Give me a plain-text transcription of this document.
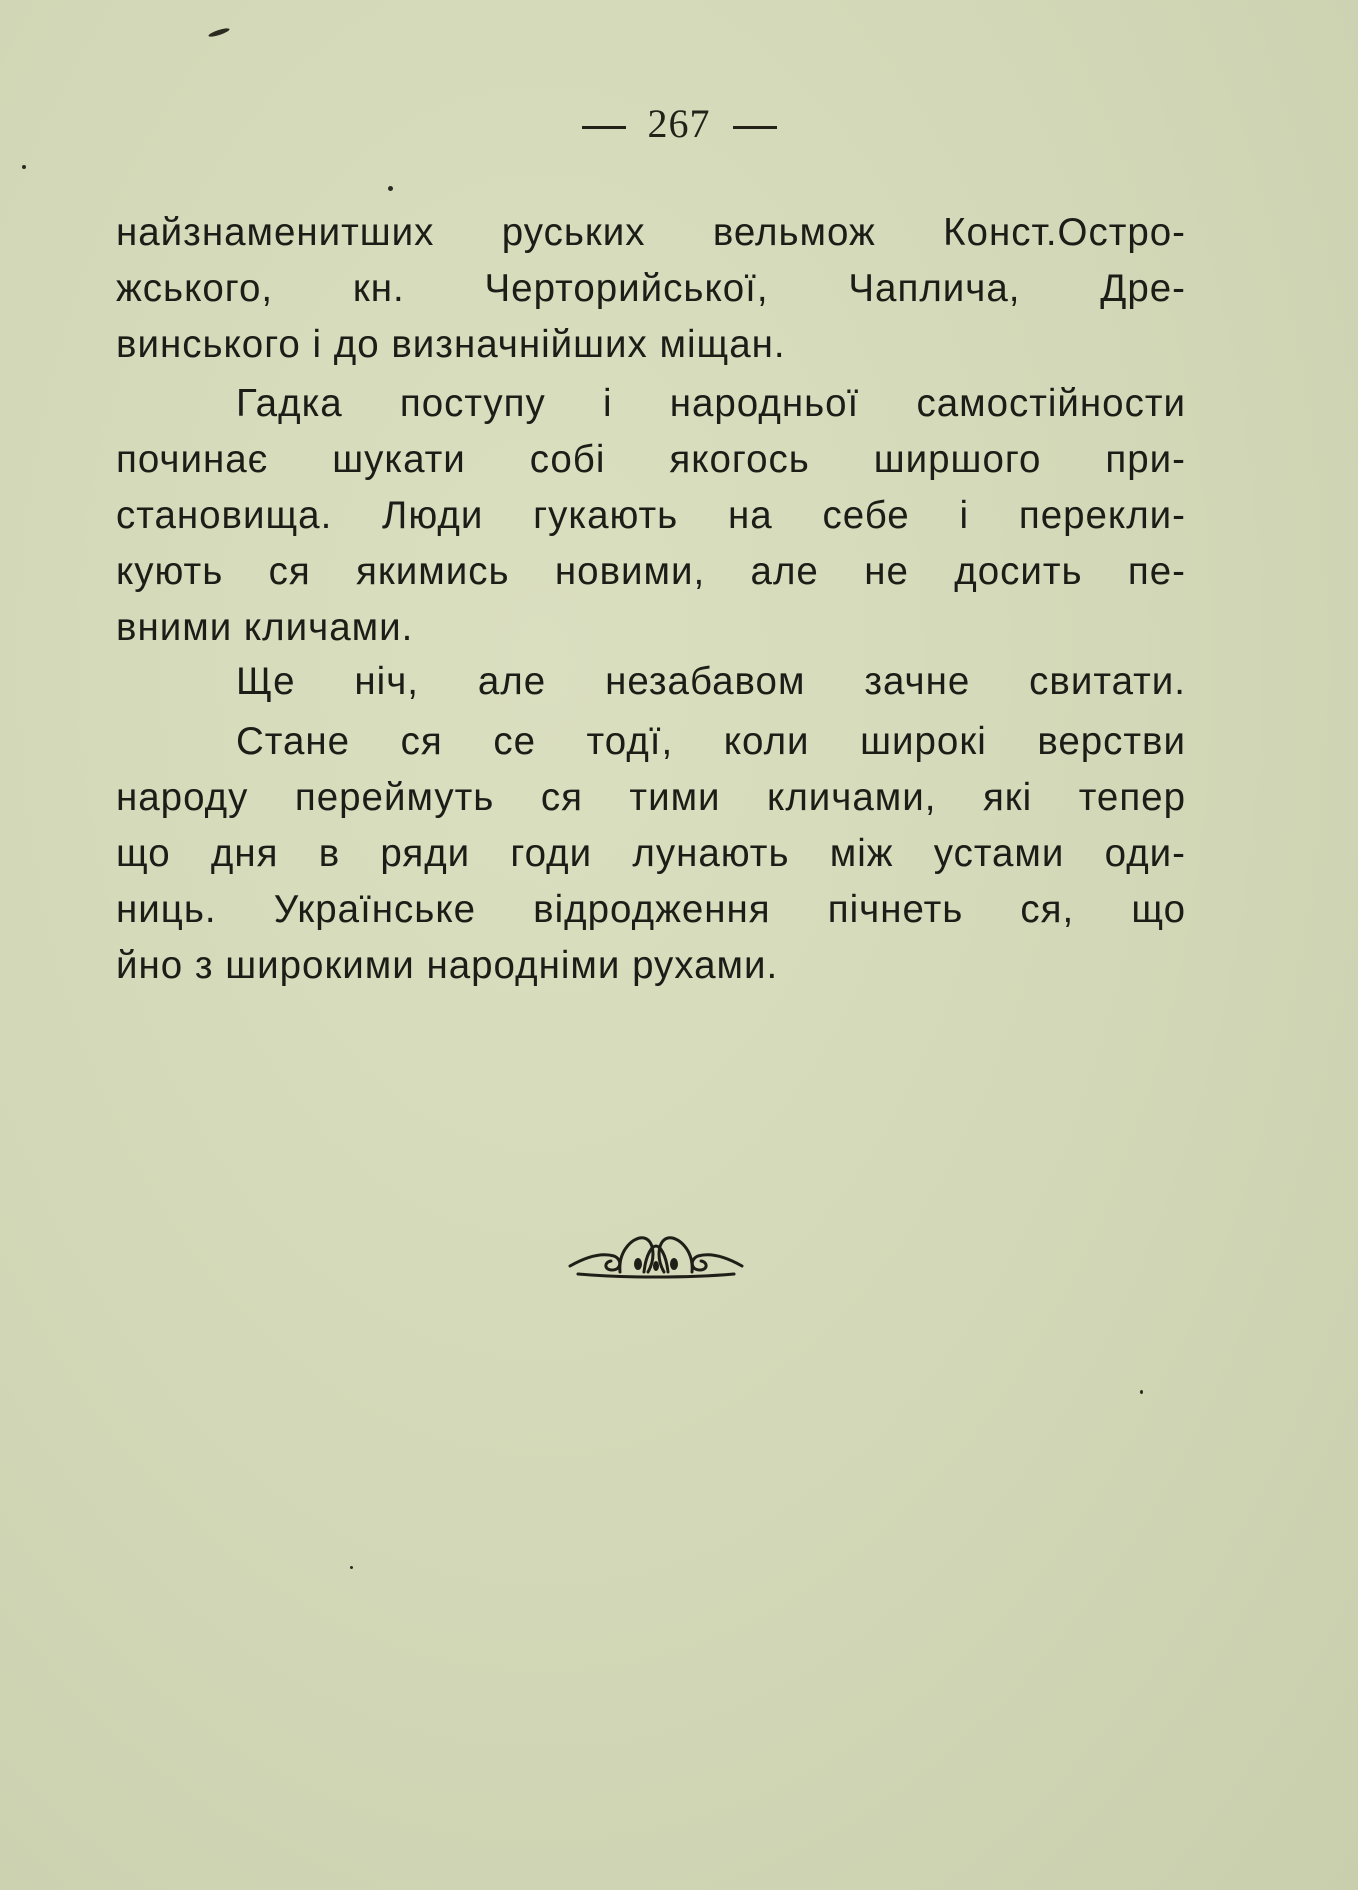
267
найзнаменитших руських вельмож Конст.Остро-
жського, кн. Черторийської, Чаплича, Дре-
винського і до визначнійших міщан.
Гадка поступу і народньої самостійности
починає шукати собі якогось ширшого при-
становища. Люди гукають на себе і перекли-
кують ся якимись новими, але не досить пе-
вними кличами.
Ще ніч, але незабавом зачне свитати.
Стане ся се тодї, коли широкі верстви
народу переймуть ся тими кличами, які тепер
що дня в ряди годи лунають між устами оди-
ниць. Українське відродження пічнеть ся, що
йно з широкими народніми рухами.
